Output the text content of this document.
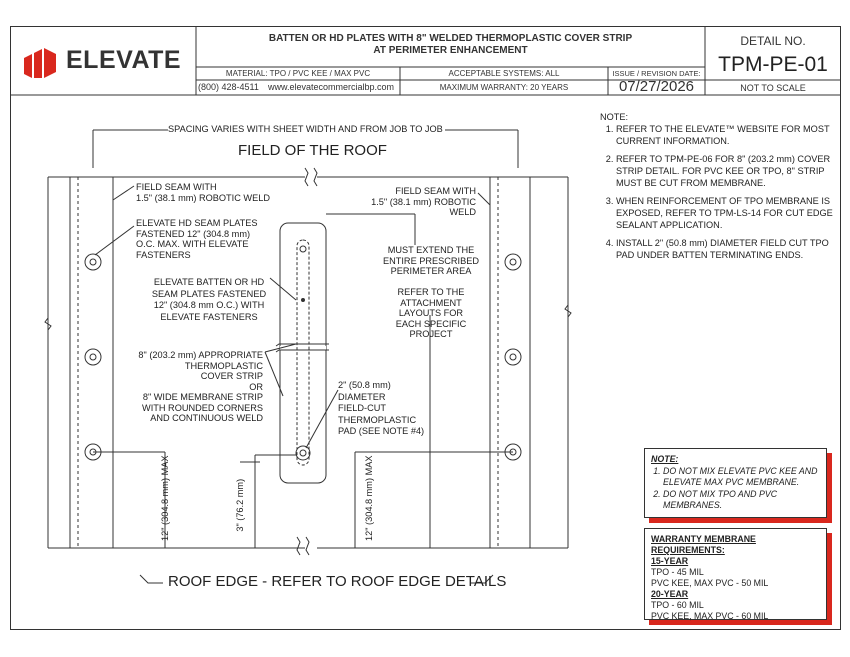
ELEVATE
BATTEN OR HD PLATES WITH 8" WELDED THERMOPLASTIC COVER STRIP
AT PERIMETER ENHANCEMENT
MATERIAL: TPO / PVC KEE / MAX PVC	ACCEPTABLE SYSTEMS: ALL	ISSUE / REVISION DATE:
(800) 428-4511 www.elevatecommercialbp.com	MAXIMUM WARRANTY: 20 YEARS	07/27/2026
DETAIL NO.
TPM-PE-01
NOT TO SCALE
SPACING VARIES WITH SHEET WIDTH AND FROM JOB TO JOB
FIELD OF THE ROOF
ROOF EDGE - REFER TO ROOF EDGE DETAILS
FIELD SEAM WITH
1.5" (38.1 mm) ROBOTIC WELD
ELEVATE HD SEAM PLATES
FASTENED 12" (304.8 mm)
O.C. MAX. WITH ELEVATE
FASTENERS
ELEVATE BATTEN OR HD
SEAM PLATES FASTENED
12" (304.8 mm O.C.) WITH
ELEVATE FASTENERS
8" (203.2 mm) APPROPRIATE
THERMOPLASTIC
COVER STRIP
OR
8" WIDE MEMBRANE STRIP
WITH ROUNDED CORNERS
AND CONTINUOUS WELD
FIELD SEAM WITH
1.5" (38.1 mm) ROBOTIC WELD
MUST EXTEND THE
ENTIRE PRESCRIBED
PERIMETER AREA
REFER TO THE
ATTACHMENT
LAYOUTS FOR
EACH SPECIFIC
PROJECT
2" (50.8 mm)
DIAMETER
FIELD-CUT
THERMOPLASTIC
PAD (SEE NOTE #4)
12" (304.8 mm) MAX	3" (76.2 mm)	12" (304.8 mm) MAX
NOTE:
1. REFER TO THE ELEVATE™ WEBSITE FOR MOST CURRENT INFORMATION.
2. REFER TO TPM-PE-06 FOR 8" (203.2 mm) COVER STRIP DETAIL. FOR PVC KEE OR TPO, 8" STRIP MUST BE CUT FROM MEMBRANE.
3. WHEN REINFORCEMENT OF TPO MEMBRANE IS EXPOSED, REFER TO TPM-LS-14 FOR CUT EDGE SEALANT APPLICATION.
4. INSTALL 2" (50.8 mm) DIAMETER FIELD CUT TPO PAD UNDER BATTEN TERMINATING ENDS.
NOTE:
1. DO NOT MIX ELEVATE PVC KEE AND ELEVATE MAX PVC MEMBRANE.
2. DO NOT MIX TPO AND PVC MEMBRANES.
WARRANTY MEMBRANE REQUIREMENTS:
15-YEAR
TPO - 45 MIL
PVC KEE, MAX PVC - 50 MIL
20-YEAR
TPO - 60 MIL
PVC KEE, MAX PVC - 60 MIL
